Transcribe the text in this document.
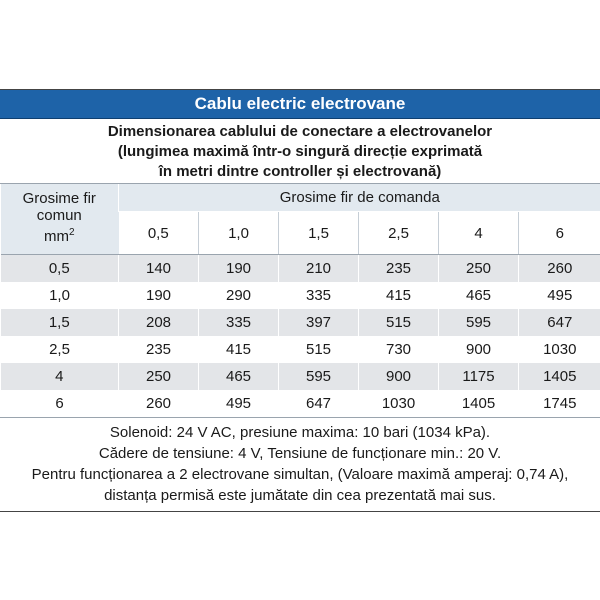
Cablu electric electrovane
Dimensionarea cablului de conectare a electrovanelor
(lungimea maximă într-o singură direcție exprimată
în metri dintre controller și electrovană)
Grosime fir
comun
$mm^2$	Grosime fir de comanda					
	0,5	1,0	1,5	2,5	4	6
0,5	140	190	210	235	250	260
1,0	190	290	335	415	465	495
1,5	208	335	397	515	595	647
2,5	235	415	515	730	900	1030
4	250	465	595	900	1175	1405
6	260	495	647	1030	1405	1745
Solenoid: 24 V AC, presiune maxima: 10 bari (1034 kPa).
Cădere de tensiune: 4 V, Tensiune de funcționare min.: 20 V.
Pentru funcționarea a 2 electrovane simultan, (Valoare maximă amperaj: 0,74 A),
distanța permisă este jumătate din cea prezentată mai sus.
